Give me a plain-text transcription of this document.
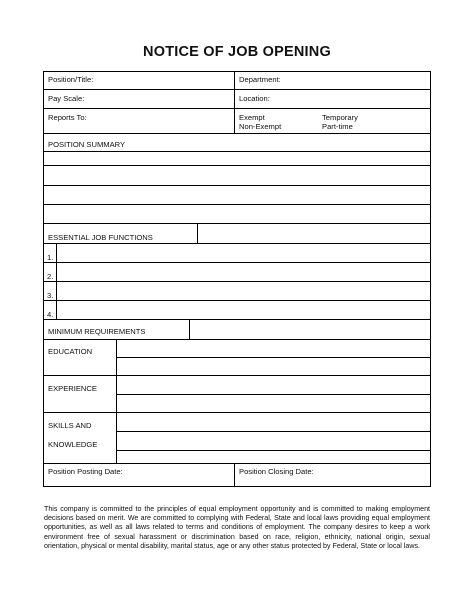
NOTICE OF JOB OPENING
Position/Title:	Department:
Pay Scale:	Location:
Reports To:	Exempt	Temporary
Non-Exempt	Part-time
POSITION SUMMARY
ESSENTIAL JOB FUNCTIONS
1.
2.
3.
4.
MINIMUM REQUIREMENTS
EDUCATION
EXPERIENCE
SKILLS AND
KNOWLEDGE
Position Posting Date:	Position Closing Date:
This company is committed to the principles of equal employment opportunity and is committed to making employment decisions based on merit. We are committed to complying with Federal, State and local laws providing equal employment opportunities, as well as all laws related to terms and conditions of employment. The company desires to keep a work environment free of sexual harassment or discrimination based on race, religion, ethnicity, national origin, sexual orientation, physical or mental disability, marital status, age or any other status protected by Federal, State or local laws.
